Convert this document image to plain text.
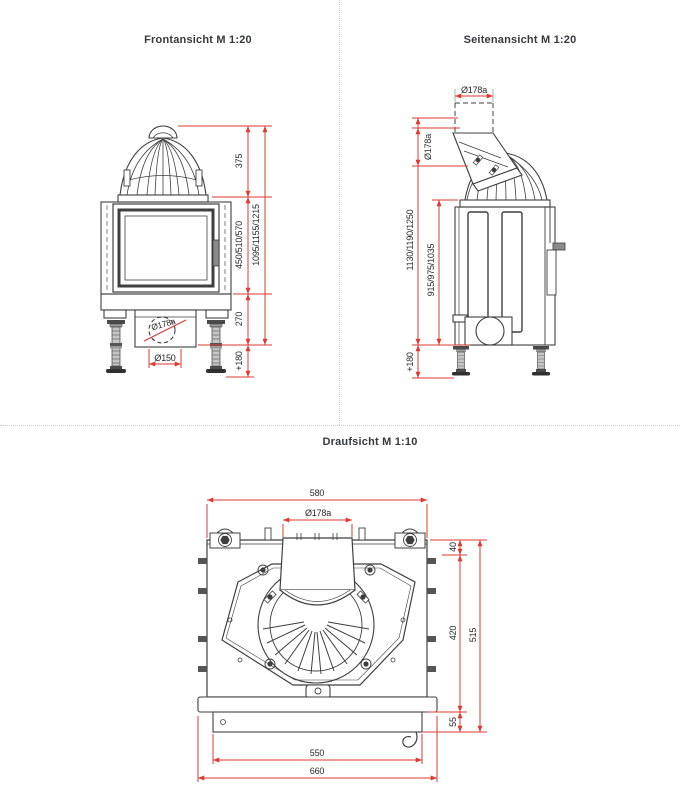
Frontansicht M 1:20	Seitenansicht M 1:20
Draufsicht M 1:10
375
450/510/570
270
+180
1095/1155/1215
Ø178a
Ø150
Ø178a
Ø178a
1130/1190/1250 915/975/1035
+180
580
Ø178a
40
420
55
515
550
660
